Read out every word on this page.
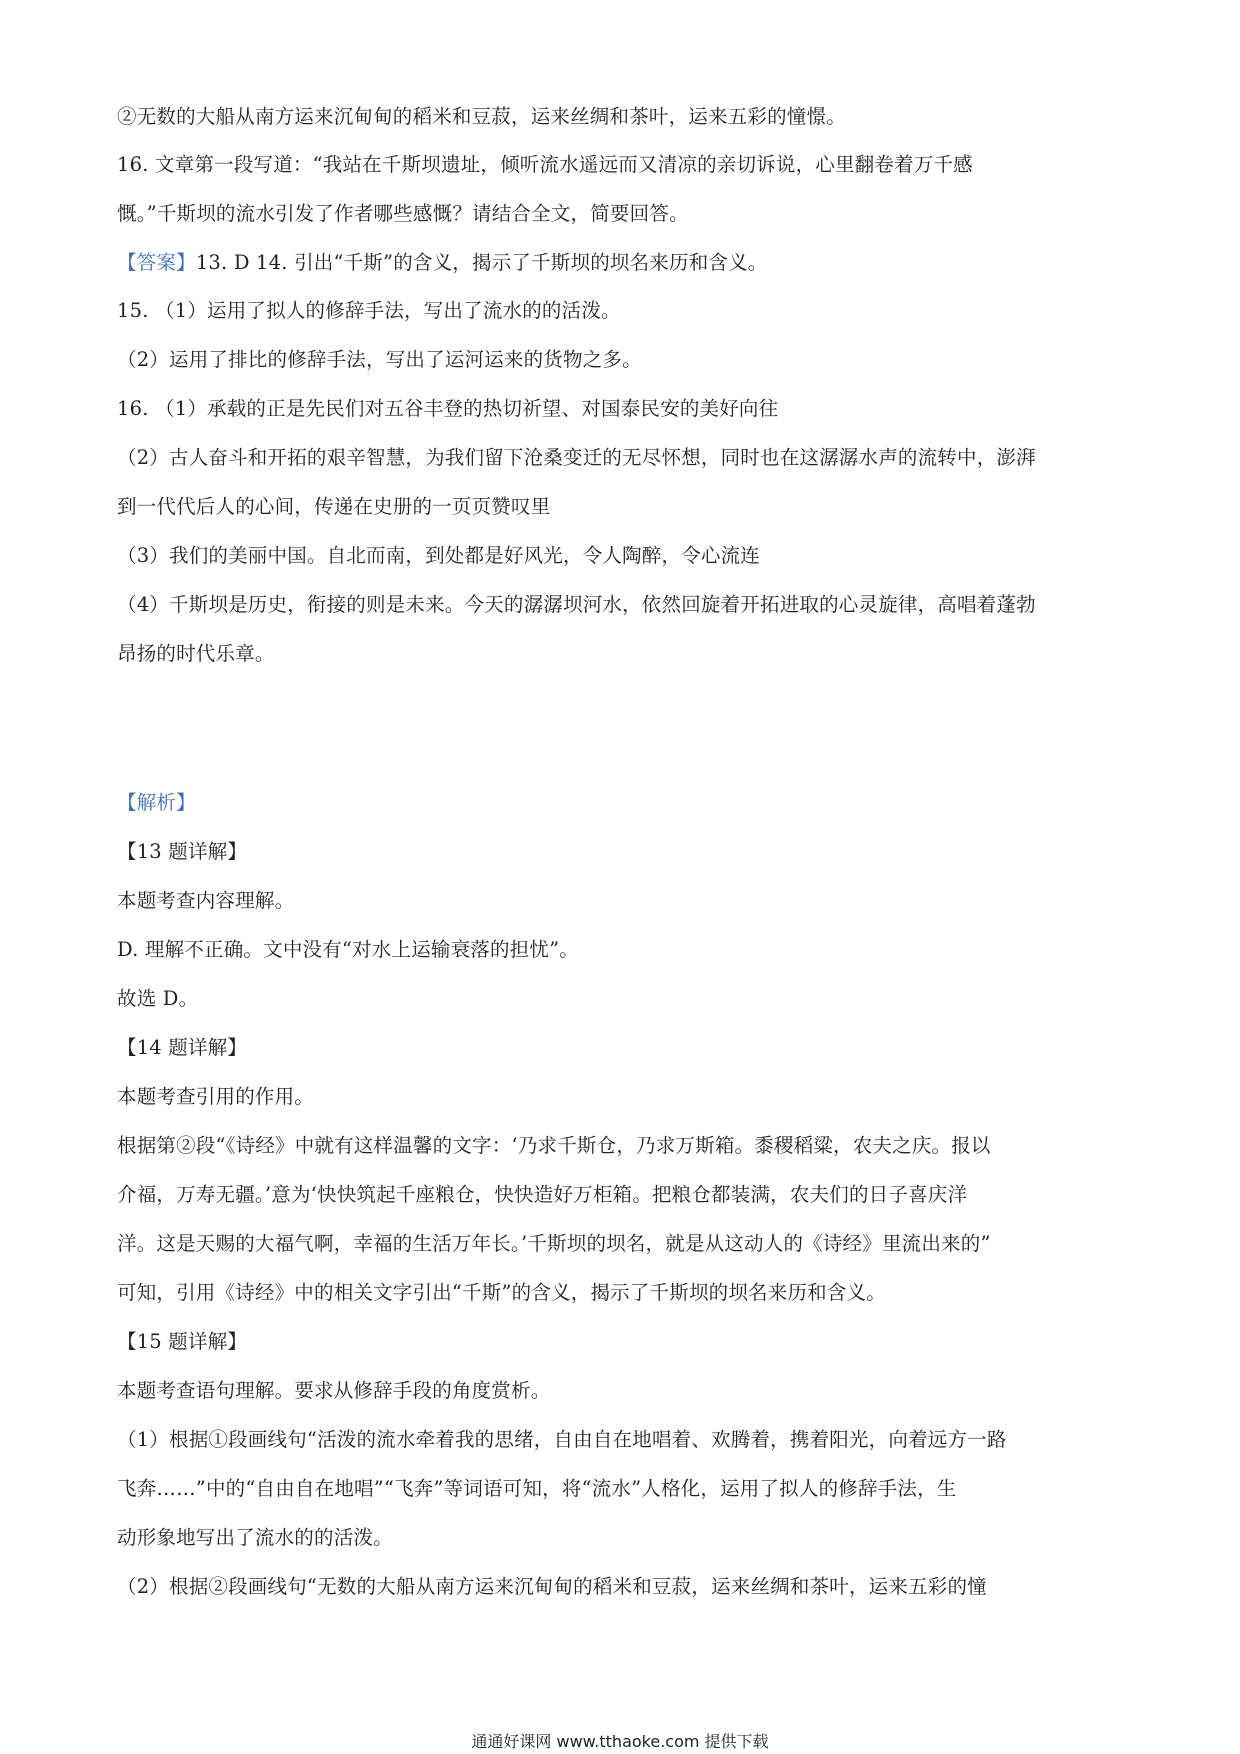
②无数的大船从南方运来沉甸甸的稻米和豆菽，运来丝绸和茶叶，运来五彩的憧憬。
16. 文章第一段写道：“我站在千斯坝遗址，倾听流水遥远而又清凉的亲切诉说，心里翻卷着万千感
慨。”千斯坝的流水引发了作者哪些感慨？请结合全文，简要回答。
【答案】13. D 14. 引出“千斯”的含义，揭示了千斯坝的坝名来历和含义。
15. （1）运用了拟人的修辞手法，写出了流水的的活泼。
（2）运用了排比的修辞手法，写出了运河运来的货物之多。
16. （1）承载的正是先民们对五谷丰登的热切祈望、对国泰民安的美好向往
（2）古人奋斗和开拓的艰辛智慧，为我们留下沧桑变迁的无尽怀想，同时也在这潺潺水声的流转中，澎湃
到一代代后人的心间，传递在史册的一页页赞叹里
（3）我们的美丽中国。自北而南，到处都是好风光，令人陶醉，令心流连
（4）千斯坝是历史，衔接的则是未来。今天的潺潺坝河水，依然回旋着开拓进取的心灵旋律，高唱着蓬勃
昂扬的时代乐章。
【解析】
【13 题详解】
本题考查内容理解。
D. 理解不正确。文中没有“对水上运输衰落的担忧”。
故选 D。
【14 题详解】
本题考查引用的作用。
根据第②段“《诗经》中就有这样温馨的文字：‘乃求千斯仓，乃求万斯箱。黍稷稻粱，农夫之庆。报以
介福，万寿无疆。’意为‘快快筑起千座粮仓，快快造好万柜箱。把粮仓都装满，农夫们的日子喜庆洋
洋。这是天赐的大福气啊，幸福的生活万年长。’千斯坝的坝名，就是从这动人的《诗经》里流出来的”
可知，引用《诗经》中的相关文字引出“千斯”的含义，揭示了千斯坝的坝名来历和含义。
【15 题详解】
本题考查语句理解。要求从修辞手段的角度赏析。
（1）根据①段画线句“活泼的流水牵着我的思绪，自由自在地唱着、欢腾着，携着阳光，向着远方一路
飞奔……”中的“自由自在地唱”“飞奔”等词语可知，将“流水”人格化，运用了拟人的修辞手法，生
动形象地写出了流水的的活泼。
（2）根据②段画线句“无数的大船从南方运来沉甸甸的稻米和豆菽，运来丝绸和茶叶，运来五彩的憧
通通好课网 www.tthaoke.com 提供下载
